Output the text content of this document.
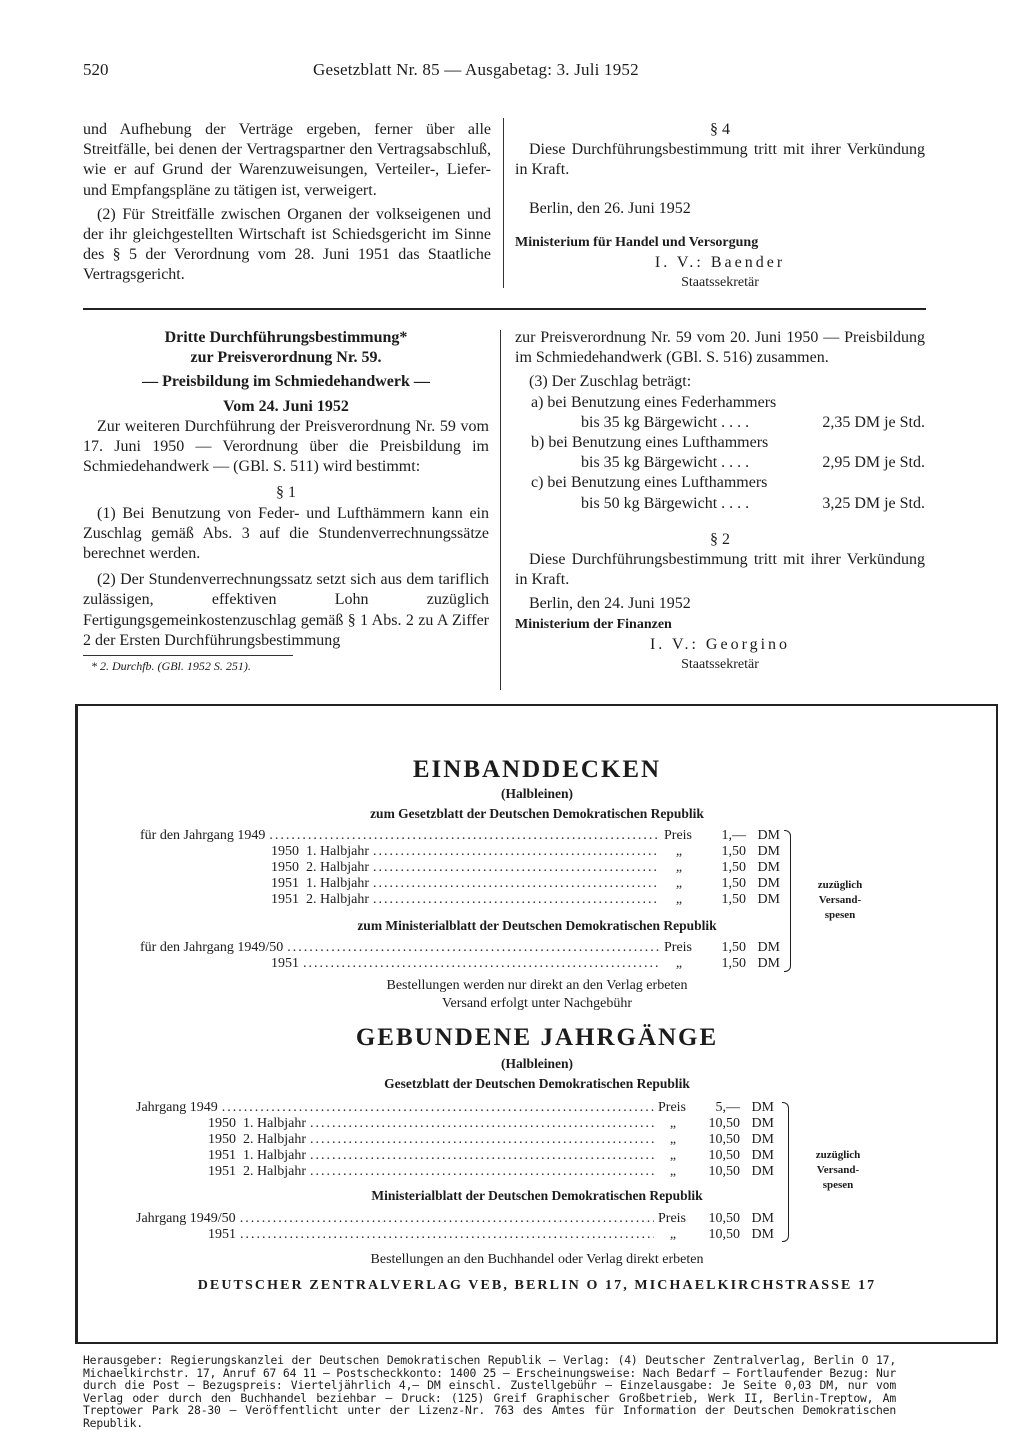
520	Gesetzblatt Nr. 85 — Ausgabetag: 3. Juli 1952

und Aufhebung der Verträge ergeben, ferner über alle Streitfälle, bei denen der Vertragspartner den Vertragsabschluß, wie er auf Grund der Warenzuweisungen, Verteiler-, Liefer- und Empfangspläne zu tätigen ist, verweigert.

(2) Für Streitfälle zwischen Organen der volkseigenen und der ihr gleichgestellten Wirtschaft ist Schiedsgericht im Sinne des § 5 der Verordnung vom 28. Juni 1951 das Staatliche Vertragsgericht.

§ 4

Diese Durchführungsbestimmung tritt mit ihrer Verkündung in Kraft.

Berlin, den 26. Juni 1952

Ministerium für Handel und Versorgung

I. V.: Baender

Staatssekretär

Dritte Durchführungsbestimmung*

zur Preisverordnung Nr. 59.

— Preisbildung im Schmiedehandwerk —

Vom 24. Juni 1952

Zur weiteren Durchführung der Preisverordnung Nr. 59 vom 17. Juni 1950 — Verordnung über die Preisbildung im Schmiedehandwerk — (GBl. S. 511) wird bestimmt:

§ 1

(1) Bei Benutzung von Feder- und Lufthämmern kann ein Zuschlag gemäß Abs. 3 auf die Stundenverrechnungssätze berechnet werden.

(2) Der Stundenverrechnungssatz setzt sich aus dem tariflich zulässigen, effektiven Lohn zuzüglich Fertigungsgemeinkostenzuschlag gemäß § 1 Abs. 2 zu A Ziffer 2 der Ersten Durchführungsbestimmung

* 2. Durchfb. (GBl. 1952 S. 251).

zur Preisverordnung Nr. 59 vom 20. Juni 1950 — Preisbildung im Schmiedehandwerk (GBl. S. 516) zusammen.

(3) Der Zuschlag beträgt:

a) bei Benutzung eines Federhammers

bis 35 kg Bärgewicht . . . .	2,35 DM je Std.

b) bei Benutzung eines Lufthammers

bis 35 kg Bärgewicht . . . .	2,95 DM je Std.

c) bei Benutzung eines Lufthammers

bis 50 kg Bärgewicht . . . .	3,25 DM je Std.

§ 2

Diese Durchführungsbestimmung tritt mit ihrer Verkündung in Kraft.

Berlin, den 24. Juni 1952

Ministerium der Finanzen

I. V.: Georgino

Staatssekretär

EINBANDDECKEN
(Halbleinen)
zum Gesetzblatt der Deutschen Demokratischen Republik
für den Jahrgang 1949 .....	Preis	1,— DM
1950  1. Halbjahr .....	„	1,50 DM
1950  2. Halbjahr .....	„	1,50 DM
1951  1. Halbjahr .....	„	1,50 DM
1951  2. Halbjahr .....	„	1,50 DM
zum Ministerialblatt der Deutschen Demokratischen Republik
für den Jahrgang 1949/50 .....	Preis	1,50 DM
1951 .....	„	1,50 DM
zuzüglich
Versand-
spesen
Bestellungen werden nur direkt an den Verlag erbeten
Versand erfolgt unter Nachgebühr
GEBUNDENE JAHRGÄNGE
(Halbleinen)
Gesetzblatt der Deutschen Demokratischen Republik
Jahrgang 1949 .....	Preis	5,— DM
1950  1. Halbjahr .....	„	10,50 DM
1950  2. Halbjahr .....	„	10,50 DM
1951  1. Halbjahr .....	„	10,50 DM
1951  2. Halbjahr .....	„	10,50 DM
Ministerialblatt der Deutschen Demokratischen Republik
Jahrgang 1949/50 .....	Preis	10,50 DM
1951 .....	„	10,50 DM
zuzüglich
Versand-
spesen
Bestellungen an den Buchhandel oder Verlag direkt erbeten
DEUTSCHER ZENTRALVERLAG VEB, BERLIN O 17, MICHAELKIRCHSTRASSE 17
Herausgeber: Regierungskanzlei der Deutschen Demokratischen Republik — Verlag: (4) Deutscher Zentralverlag, Berlin O 17, Michaelkirchstr. 17, Anruf 67 64 11 — Postscheckkonto: 1400 25 — Erscheinungsweise: Nach Bedarf — Fortlaufender Bezug: Nur durch die Post — Bezugspreis: Vierteljährlich 4,— DM einschl. Zustellgebühr — Einzelausgabe: Je Seite 0,03 DM, nur vom Verlag oder durch den Buchhandel beziehbar — Druck: (125) Greif Graphischer Großbetrieb, Werk II, Berlin-Treptow, Am Treptower Park 28-30 — Veröffentlicht unter der Lizenz-Nr. 763 des Amtes für Information der Deutschen Demokratischen Republik.
